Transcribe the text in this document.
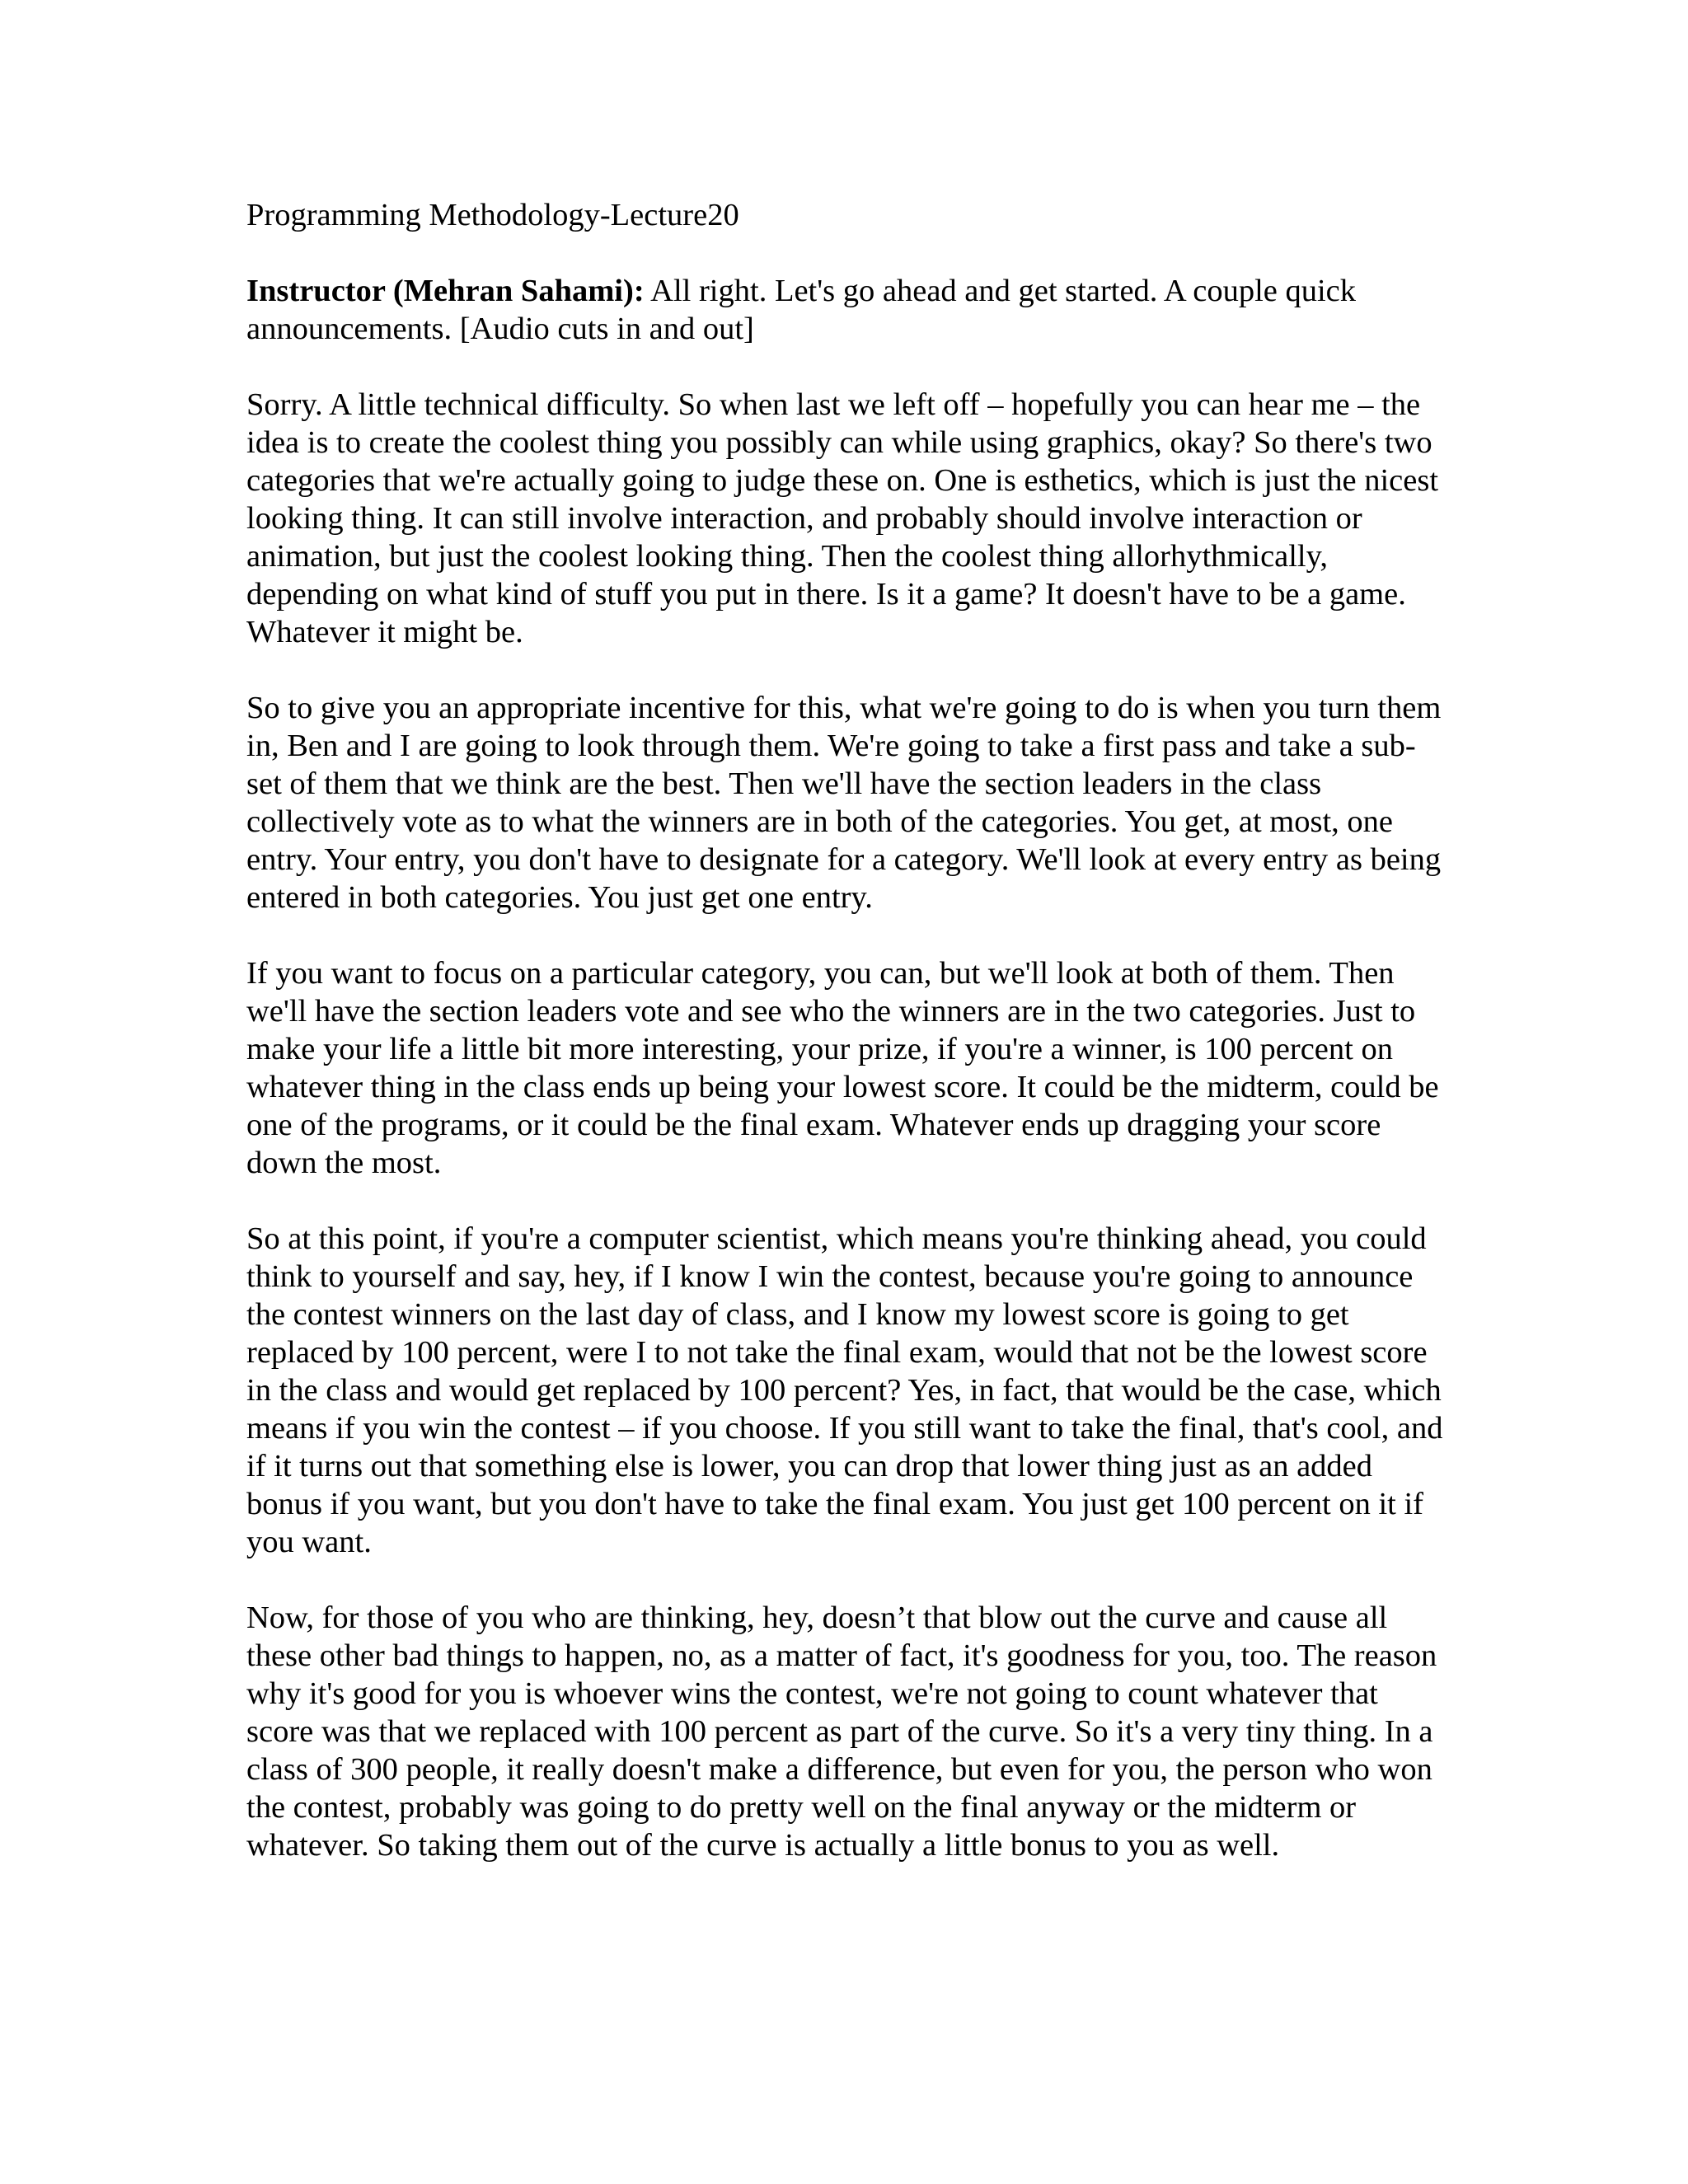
Programming Methodology-Lecture20

Instructor (Mehran Sahami): All right. Let's go ahead and get started. A couple quick announcements. [Audio cuts in and out]

Sorry. A little technical difficulty. So when last we left off – hopefully you can hear me – the idea is to create the coolest thing you possibly can while using graphics, okay? So there's two categories that we're actually going to judge these on. One is esthetics, which is just the nicest looking thing. It can still involve interaction, and probably should involve interaction or animation, but just the coolest looking thing. Then the coolest thing allorhythmically, depending on what kind of stuff you put in there. Is it a game? It doesn't have to be a game. Whatever it might be.

So to give you an appropriate incentive for this, what we're going to do is when you turn them in, Ben and I are going to look through them. We're going to take a first pass and take a sub-set of them that we think are the best. Then we'll have the section leaders in the class collectively vote as to what the winners are in both of the categories. You get, at most, one entry. Your entry, you don't have to designate for a category. We'll look at every entry as being entered in both categories. You just get one entry.

If you want to focus on a particular category, you can, but we'll look at both of them. Then we'll have the section leaders vote and see who the winners are in the two categories. Just to make your life a little bit more interesting, your prize, if you're a winner, is 100 percent on whatever thing in the class ends up being your lowest score. It could be the midterm, could be one of the programs, or it could be the final exam. Whatever ends up dragging your score down the most.

So at this point, if you're a computer scientist, which means you're thinking ahead, you could think to yourself and say, hey, if I know I win the contest, because you're going to announce the contest winners on the last day of class, and I know my lowest score is going to get replaced by 100 percent, were I to not take the final exam, would that not be the lowest score in the class and would get replaced by 100 percent? Yes, in fact, that would be the case, which means if you win the contest – if you choose. If you still want to take the final, that's cool, and if it turns out that something else is lower, you can drop that lower thing just as an added bonus if you want, but you don't have to take the final exam. You just get 100 percent on it if you want.

Now, for those of you who are thinking, hey, doesn’t that blow out the curve and cause all these other bad things to happen, no, as a matter of fact, it's goodness for you, too. The reason why it's good for you is whoever wins the contest, we're not going to count whatever that score was that we replaced with 100 percent as part of the curve. So it's a very tiny thing. In a class of 300 people, it really doesn't make a difference, but even for you, the person who won the contest, probably was going to do pretty well on the final anyway or the midterm or whatever. So taking them out of the curve is actually a little bonus to you as well.
